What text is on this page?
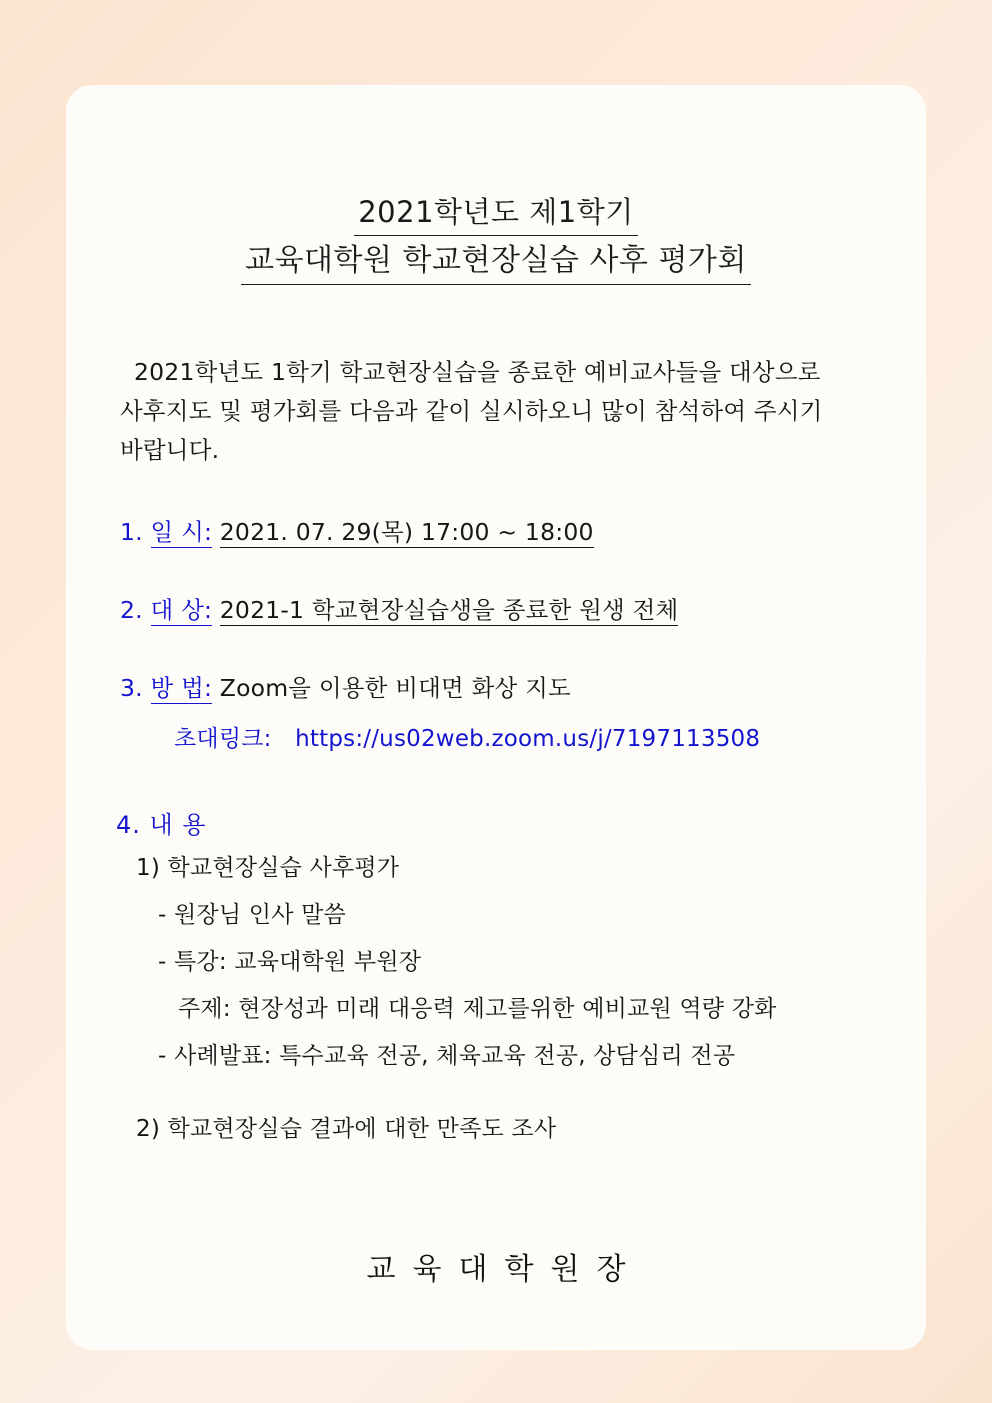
2021학년도 제1학기
교육대학원 학교현장실습 사후 평가회
2021학년도 1학기 학교현장실습을 종료한 예비교사들을 대상으로
사후지도 및 평가회를 다음과 같이 실시하오니 많이 참석하여 주시기
바랍니다.
1. 일 시: 2021. 07. 29(목) 17:00 ~ 18:00
2. 대 상: 2021-1 학교현장실습생을 종료한 원생 전체
3. 방 법: Zoom을 이용한 비대면 화상 지도
초대링크: https://us02web.zoom.us/j/7197113508
4. 내 용
1) 학교현장실습 사후평가
- 원장님 인사 말씀
- 특강: 교육대학원 부원장
주제: 현장성과 미래 대응력 제고를위한 예비교원 역량 강화
- 사례발표: 특수교육 전공, 체육교육 전공, 상담심리 전공
2) 학교현장실습 결과에 대한 만족도 조사
교육대학원장
